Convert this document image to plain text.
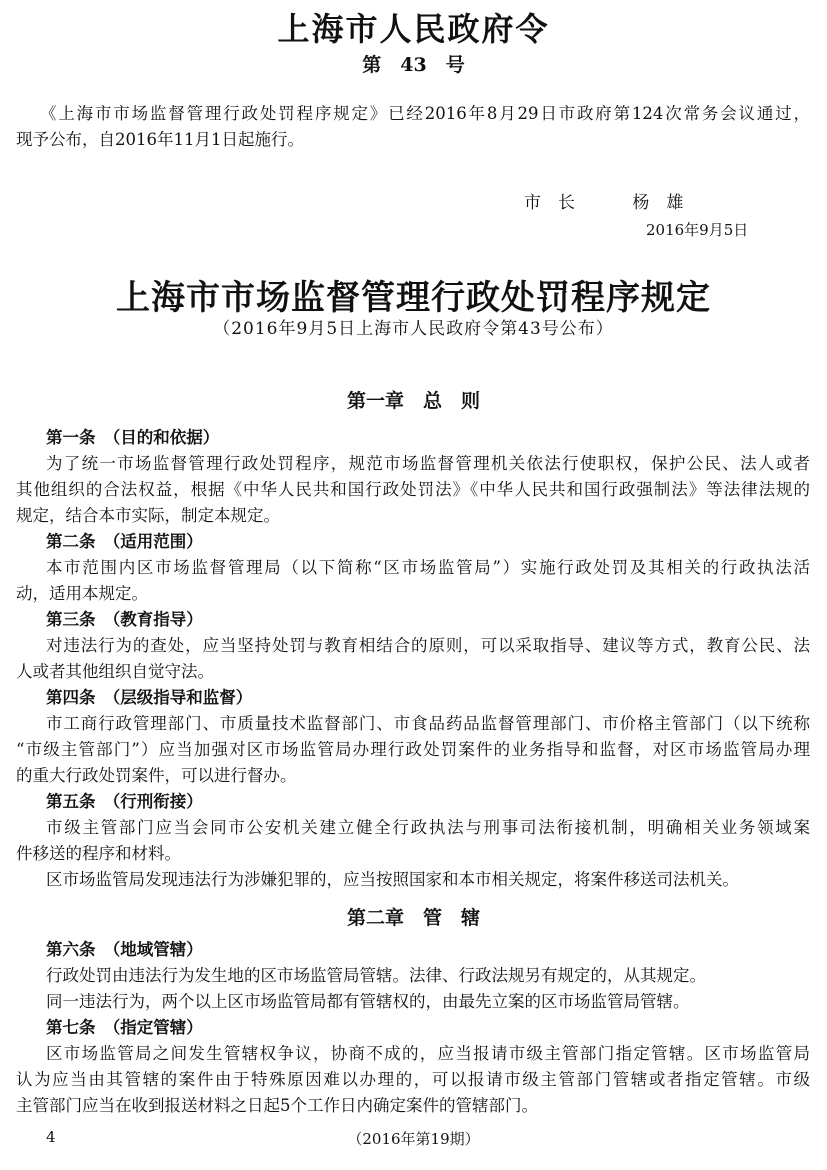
上海市人民政府令
第　43　号
《上海市市场监督管理行政处罚程序规定》已经2016年8月29日市政府第124次常务会议通过，
现予公布，自2016年11月1日起施行。
市　长	杨　雄
2016年9月5日
上海市市场监督管理行政处罚程序规定
（2016年9月5日上海市人民政府令第43号公布）
第一章　总　则
第一条　（目的和依据）
为了统一市场监督管理行政处罚程序，规范市场监督管理机关依法行使职权，保护公民、法人或者
其他组织的合法权益，根据《中华人民共和国行政处罚法》《中华人民共和国行政强制法》等法律法规的
规定，结合本市实际，制定本规定。
第二条　（适用范围）
本市范围内区市场监督管理局（以下简称“区市场监管局”）实施行政处罚及其相关的行政执法活
动，适用本规定。
第三条　（教育指导）
对违法行为的查处，应当坚持处罚与教育相结合的原则，可以采取指导、建议等方式，教育公民、法
人或者其他组织自觉守法。
第四条　（层级指导和监督）
市工商行政管理部门、市质量技术监督部门、市食品药品监督管理部门、市价格主管部门（以下统称
“市级主管部门”）应当加强对区市场监管局办理行政处罚案件的业务指导和监督，对区市场监管局办理
的重大行政处罚案件，可以进行督办。
第五条　（行刑衔接）
市级主管部门应当会同市公安机关建立健全行政执法与刑事司法衔接机制，明确相关业务领域案
件移送的程序和材料。
区市场监管局发现违法行为涉嫌犯罪的，应当按照国家和本市相关规定，将案件移送司法机关。
第二章　管　辖
第六条　（地域管辖）
行政处罚由违法行为发生地的区市场监管局管辖。法律、行政法规另有规定的，从其规定。
同一违法行为，两个以上区市场监管局都有管辖权的，由最先立案的区市场监管局管辖。
第七条　（指定管辖）
区市场监管局之间发生管辖权争议，协商不成的，应当报请市级主管部门指定管辖。区市场监管局
认为应当由其管辖的案件由于特殊原因难以办理的，可以报请市级主管部门管辖或者指定管辖。市级
主管部门应当在收到报送材料之日起5个工作日内确定案件的管辖部门。
4	（2016年第19期）
